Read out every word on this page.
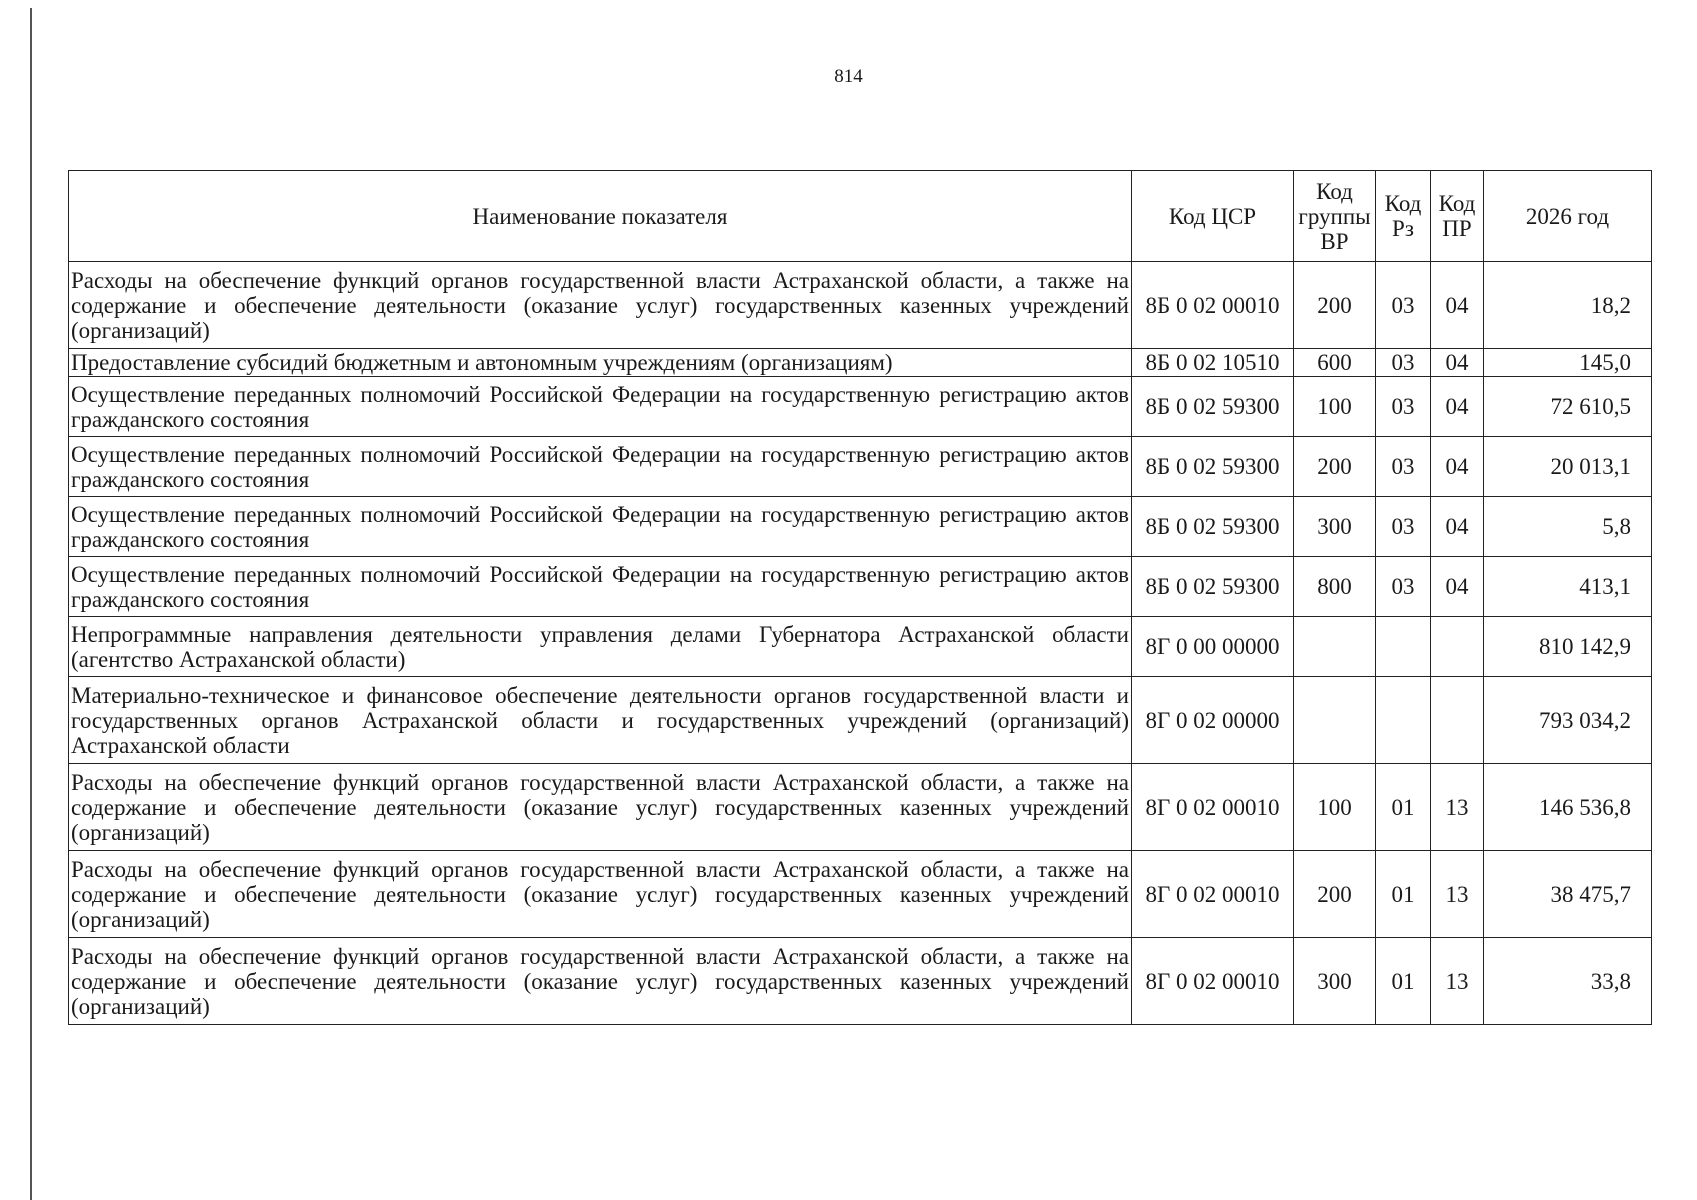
814
Наименование показателя	Код ЦСР	Код группы ВР	Код Рз	Код ПР	2026 год
Расходы на обеспечение функций органов государственной власти Астраханской области, а также на содержание и обеспечение деятельности (оказание услуг) государственных казенных учреждений (организаций)	8Б 0 02 00010	200	03	04	18,2
Предоставление субсидий бюджетным и автономным учреждениям (организациям)	8Б 0 02 10510	600	03	04	145,0
Осуществление переданных полномочий Российской Федерации на государственную регистрацию актов гражданского состояния	8Б 0 02 59300	100	03	04	72 610,5
Осуществление переданных полномочий Российской Федерации на государственную регистрацию актов гражданского состояния	8Б 0 02 59300	200	03	04	20 013,1
Осуществление переданных полномочий Российской Федерации на государственную регистрацию актов гражданского состояния	8Б 0 02 59300	300	03	04	5,8
Осуществление переданных полномочий Российской Федерации на государственную регистрацию актов гражданского состояния	8Б 0 02 59300	800	03	04	413,1
Непрограммные направления деятельности управления делами Губернатора Астраханской области (агентство Астраханской области)	8Г 0 00 00000				810 142,9
Материально-техническое и финансовое обеспечение деятельности органов государственной власти и государственных органов Астраханской области и государственных учреждений (организаций) Астраханской области	8Г 0 02 00000				793 034,2
Расходы на обеспечение функций органов государственной власти Астраханской области, а также на содержание и обеспечение деятельности (оказание услуг) государственных казенных учреждений (организаций)	8Г 0 02 00010	100	01	13	146 536,8
Расходы на обеспечение функций органов государственной власти Астраханской области, а также на содержание и обеспечение деятельности (оказание услуг) государственных казенных учреждений (организаций)	8Г 0 02 00010	200	01	13	38 475,7
Расходы на обеспечение функций органов государственной власти Астраханской области, а также на содержание и обеспечение деятельности (оказание услуг) государственных казенных учреждений (организаций)	8Г 0 02 00010	300	01	13	33,8
